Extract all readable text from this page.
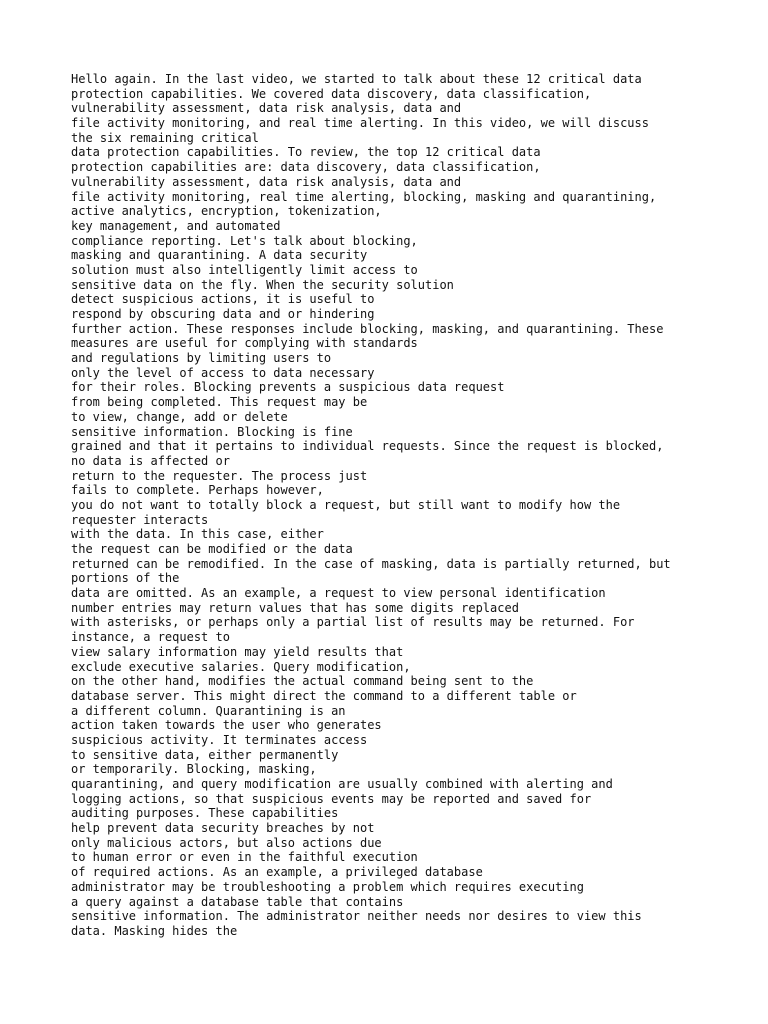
Hello again. In the last video, we started to talk about these 12 critical data
protection capabilities. We covered data discovery, data classification,
vulnerability assessment, data risk analysis, data and
file activity monitoring, and real time alerting. In this video, we will discuss
the six remaining critical
data protection capabilities. To review, the top 12 critical data
protection capabilities are: data discovery, data classification,
vulnerability assessment, data risk analysis, data and
file activity monitoring, real time alerting, blocking, masking and quarantining,
active analytics, encryption, tokenization,
key management, and automated
compliance reporting. Let's talk about blocking,
masking and quarantining. A data security
solution must also intelligently limit access to
sensitive data on the fly. When the security solution
detect suspicious actions, it is useful to
respond by obscuring data and or hindering
further action. These responses include blocking, masking, and quarantining. These
measures are useful for complying with standards
and regulations by limiting users to
only the level of access to data necessary
for their roles. Blocking prevents a suspicious data request
from being completed. This request may be
to view, change, add or delete
sensitive information. Blocking is fine
grained and that it pertains to individual requests. Since the request is blocked,
no data is affected or
return to the requester. The process just
fails to complete. Perhaps however,
you do not want to totally block a request, but still want to modify how the
requester interacts
with the data. In this case, either
the request can be modified or the data
returned can be remodified. In the case of masking, data is partially returned, but
portions of the
data are omitted. As an example, a request to view personal identification
number entries may return values that has some digits replaced
with asterisks, or perhaps only a partial list of results may be returned. For
instance, a request to
view salary information may yield results that
exclude executive salaries. Query modification,
on the other hand, modifies the actual command being sent to the
database server. This might direct the command to a different table or
a different column. Quarantining is an
action taken towards the user who generates
suspicious activity. It terminates access
to sensitive data, either permanently
or temporarily. Blocking, masking,
quarantining, and query modification are usually combined with alerting and
logging actions, so that suspicious events may be reported and saved for
auditing purposes. These capabilities
help prevent data security breaches by not
only malicious actors, but also actions due
to human error or even in the faithful execution
of required actions. As an example, a privileged database
administrator may be troubleshooting a problem which requires executing
a query against a database table that contains
sensitive information. The administrator neither needs nor desires to view this
data. Masking hides the
